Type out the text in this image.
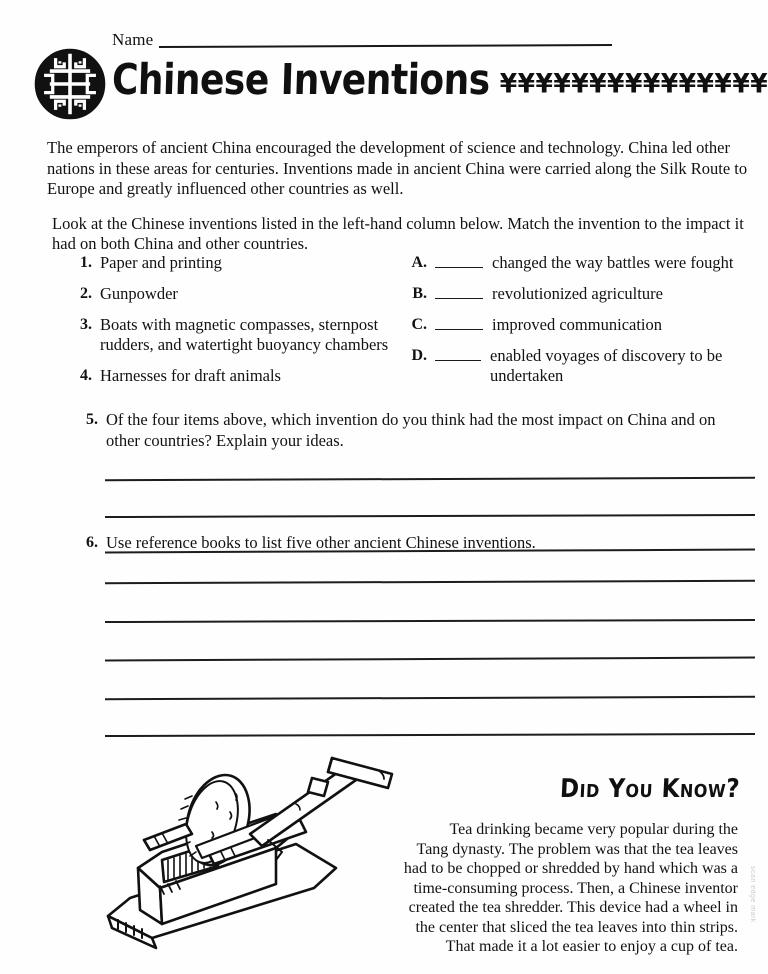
Name
Chinese Inventions ¥¥¥¥¥¥¥¥¥¥¥¥¥¥¥

The emperors of ancient China encouraged the development of science and technology. China led other nations in these areas for centuries. Inventions made in ancient China were carried along the Silk Route to Europe and greatly influenced other countries as well.

Look at the Chinese inventions listed in the left-hand column below. Match the invention to the impact it had on both China and other countries.

1. Paper and printing
2. Gunpowder
3. Boats with magnetic compasses, sternpost rudders, and watertight buoyancy chambers
4. Harnesses for draft animals
A.	changed the way battles were fought
B.	revolutionized agriculture
C.	improved communication
D.	enabled voyages of discovery to be undertaken
5. Of the four items above, which invention do you think had the most impact on China and on other countries? Explain your ideas.
6. Use reference books to list five other ancient Chinese inventions.
Did You Know?

Tea drinking became very popular during the Tang dynasty. The problem was that the tea leaves had to be chopped or shredded by hand which was a time-consuming process. Then, a Chinese inventor created the tea shredder. This device had a wheel in the center that sliced the tea leaves into thin strips. That made it a lot easier to enjoy a cup of tea.

scan edge mark
